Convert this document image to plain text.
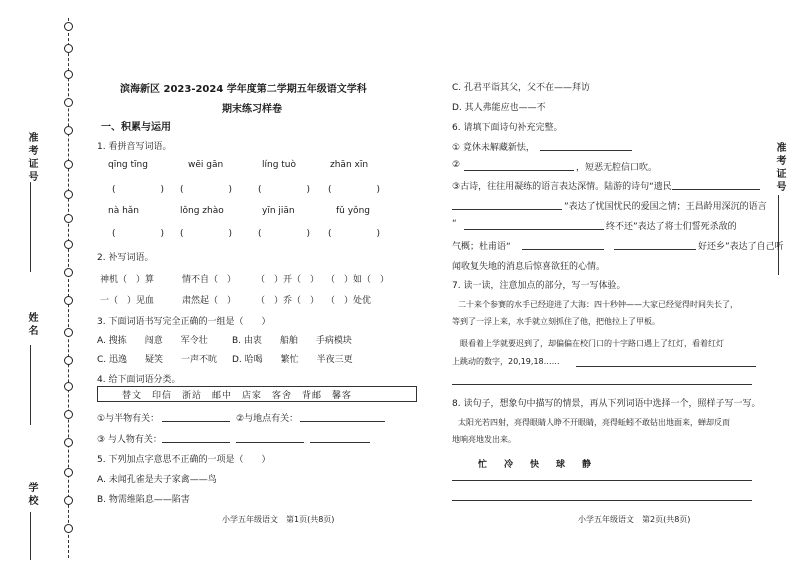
准考证号
姓名
学校
准考证号
滨海新区 2023-2024 学年度第二学期五年级语文学科
期末练习样卷
一、积累与运用
1. 看拼音写词语。
qīng tīng	wēi gān	líng tuò	zhān xīn
(　　　　　) (　　　　　)	(　　　　　) (　　　　　)
nà hǎn	lǒng zhào	yīn jiān	fǔ yǒng
(　　　　　) (　　　　　)	(　　　　　) (　　　　　)
2. 补写词语。
神机（　）算	情不自（　） （　）开（　） （　）如（　）
一（　）见血	肃然起（　） （　）乔（　） （　）处优
3. 下面词语书写完全正确的一组是（　　）
A. 搜拣　　闯意　　军令壮	B. 由衷　　船舶　　手病模块
C. 迅逸　　疑笑　　一声不吭 D. 哈喝　　繁忙　　半夜三更
4. 给下面词语分类。
替文　印信　浙站　邮中　店家　客舍　背邮　馨客
①与半物有关：	②与地点有关：
③ 与人物有关：
5. 下列加点字意思不正确的一项是（　　）
A. 未闻孔雀是夫子家禽——鸟
B. 物需维陷息——陷害
小学五年级语文　第1页(共8页)
C. 孔君平诣其父，父不在——拜访
D. 其人弗能应也——不
6. 请填下面诗句补充完整。
① 竟休未解藏新怯，
②	，短恶无腔信口吹。
③古诗，往往用凝练的语言表达深情。陆游的诗句“遗民
”表达了忧国忧民的爱国之情；王昌龄用深沉的语言
“	终不还”表达了将士们誓死杀敌的
气概；杜甫语“	好还乡”表达了自己听
闻收复失地的消息后惊喜欲狂的心情。
7. 读一读，注意加点的部分，写一写体验。
二十来个参赛的水手已经迎进了大海：四十秒钟——大家已经觉得时间失长了，
等到了一浮上来，水手就立刻抓住了他，把他拉上了甲板。
眼看着上学就要迟到了，却偏偏在校门口的十字路口遇上了红灯，看着红灯
上跳动的数字，20,19,18……
8. 读句子，想象句中描写的情景，再从下列词语中选择一个，照样子写一写。
太阳光若四射，亮得眼睛人睁不开眼睛，亮得蚯蚓不敢钻出地面来，蝉却反而
地响亮地发出来。
忙　冷　快　球　静
小学五年级语文　第2页(共8页)
